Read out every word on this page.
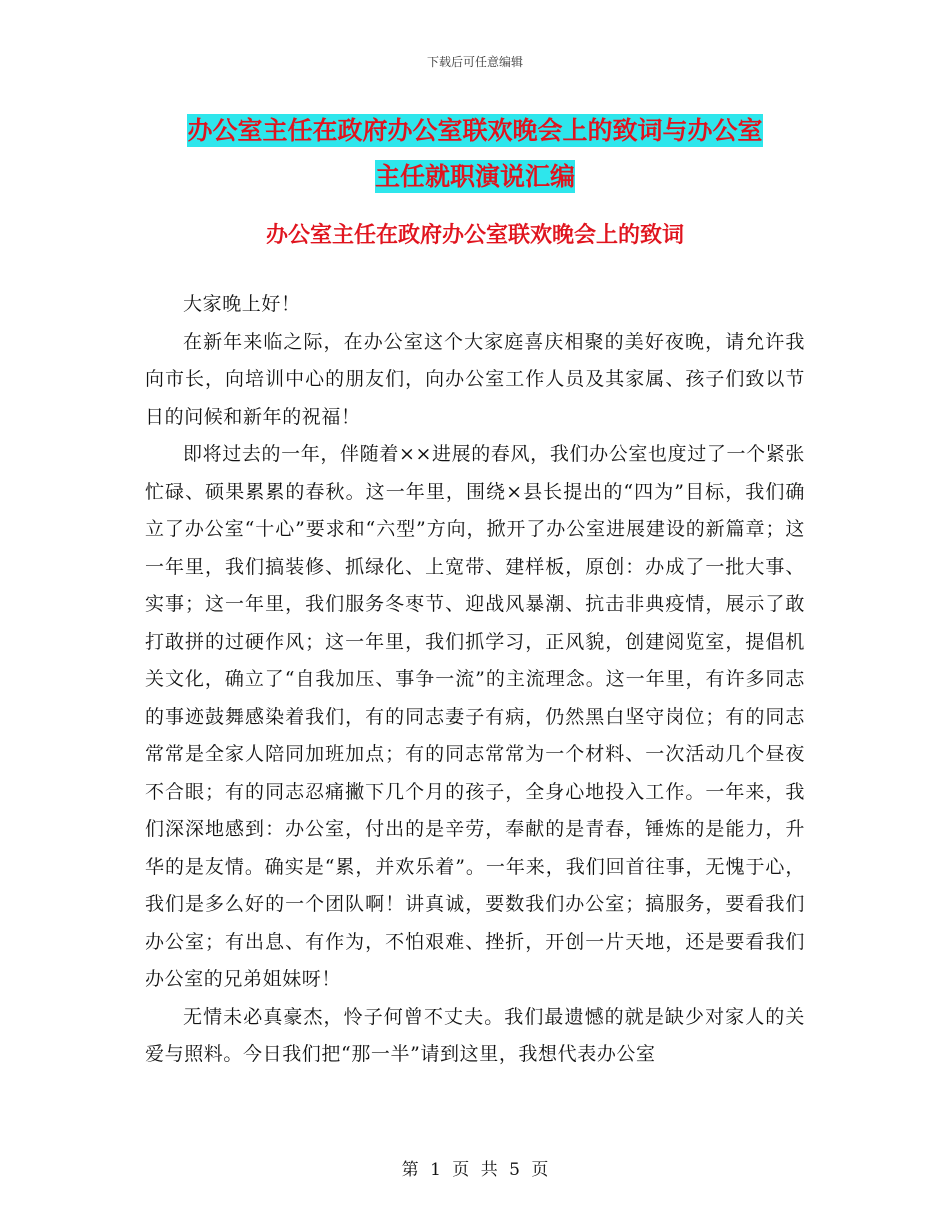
下载后可任意编辑
办公室主任在政府办公室联欢晚会上的致词与办公室
主任就职演说汇编
办公室主任在政府办公室联欢晚会上的致词

大家晚上好！

在新年来临之际，在办公室这个大家庭喜庆相聚的美好夜晚，请允许我向市长，向培训中心的朋友们，向办公室工作人员及其家属、孩子们致以节日的问候和新年的祝福！

即将过去的一年，伴随着××进展的春风，我们办公室也度过了一个紧张忙碌、硕果累累的春秋。这一年里，围绕×县长提出的“四为”目标，我们确立了办公室“十心”要求和“六型”方向，掀开了办公室进展建设的新篇章；这一年里，我们搞装修、抓绿化、上宽带、建样板，原创：办成了一批大事、实事；这一年里，我们服务冬枣节、迎战风暴潮、抗击非典疫情，展示了敢打敢拼的过硬作风；这一年里，我们抓学习，正风貌，创建阅览室，提倡机关文化，确立了“自我加压、事争一流”的主流理念。这一年里，有许多同志的事迹鼓舞感染着我们，有的同志妻子有病，仍然黑白坚守岗位；有的同志常常是全家人陪同加班加点；有的同志常常为一个材料、一次活动几个昼夜不合眼；有的同志忍痛撇下几个月的孩子，全身心地投入工作。一年来，我们深深地感到：办公室，付出的是辛劳，奉献的是青春，锤炼的是能力，升华的是友情。确实是“累，并欢乐着”。一年来，我们回首往事，无愧于心，我们是多么好的一个团队啊！讲真诚，要数我们办公室；搞服务，要看我们办公室；有出息、有作为，不怕艰难、挫折，开创一片天地，还是要看我们办公室的兄弟姐妹呀！

无情未必真豪杰，怜子何曾不丈夫。我们最遗憾的就是缺少对家人的关爱与照料。今日我们把“那一半”请到这里，我想代表办公室

第 1 页 共 5 页
